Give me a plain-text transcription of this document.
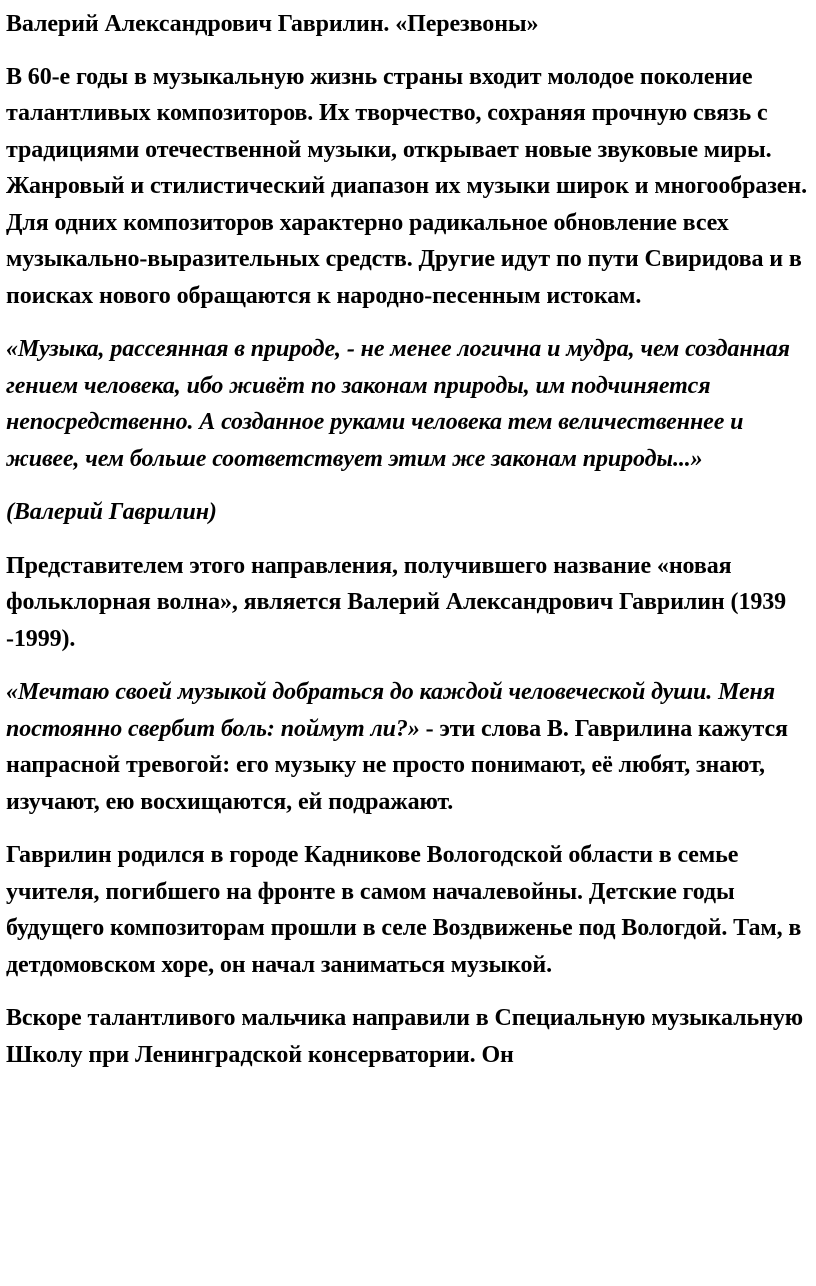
Валерий Александрович Гаврилин. «Перезвоны»
В 60-е годы в музыкальную жизнь страны входит молодое поколение талантливых композиторов. Их творчество, сохраняя прочную связь с традициями отечественной музыки, открывает новые звуковые миры. Жанровый и стилистический диапазон их музыки широк и многообразен. Для одних композиторов характерно радикальное обновление всех музыкально-выразительных средств. Другие идут по пути Свиридова и в поисках нового обращаются к народно-песенным истокам.
«Музыка, рассеянная в природе, - не менее логична и мудра, чем созданная гением человека, ибо живёт по законам природы, им подчиняется непосредственно. А созданное руками человека тем величественнее и живее, чем больше соответствует этим же законам природы...»
(Валерий Гаврилин)
Представителем этого направления, получившего название «новая фольклорная волна», является Валерий Александрович Гаврилин (1939 -1999).
«Мечтаю своей музыкой добраться до каждой человеческой души. Меня постоянно свербит боль: поймут ли?» - эти слова В. Гаврилина кажутся напрасной тревогой: его музыку не просто понимают, её любят, знают, изучают, ею восхищаются, ей подражают.
Гаврилин родился в городе Кадникове Вологодской области в семье учителя, погибшего на фронте в самом началевойны. Детские годы будущего композиторам прошли в селе Воздвиженье под Вологдой. Там, в детдомовском хоре, он начал заниматься музыкой.
Вскоре талантливого мальчика направили в Специальную музыкальную Школу при Ленинградской консерватории. Он
